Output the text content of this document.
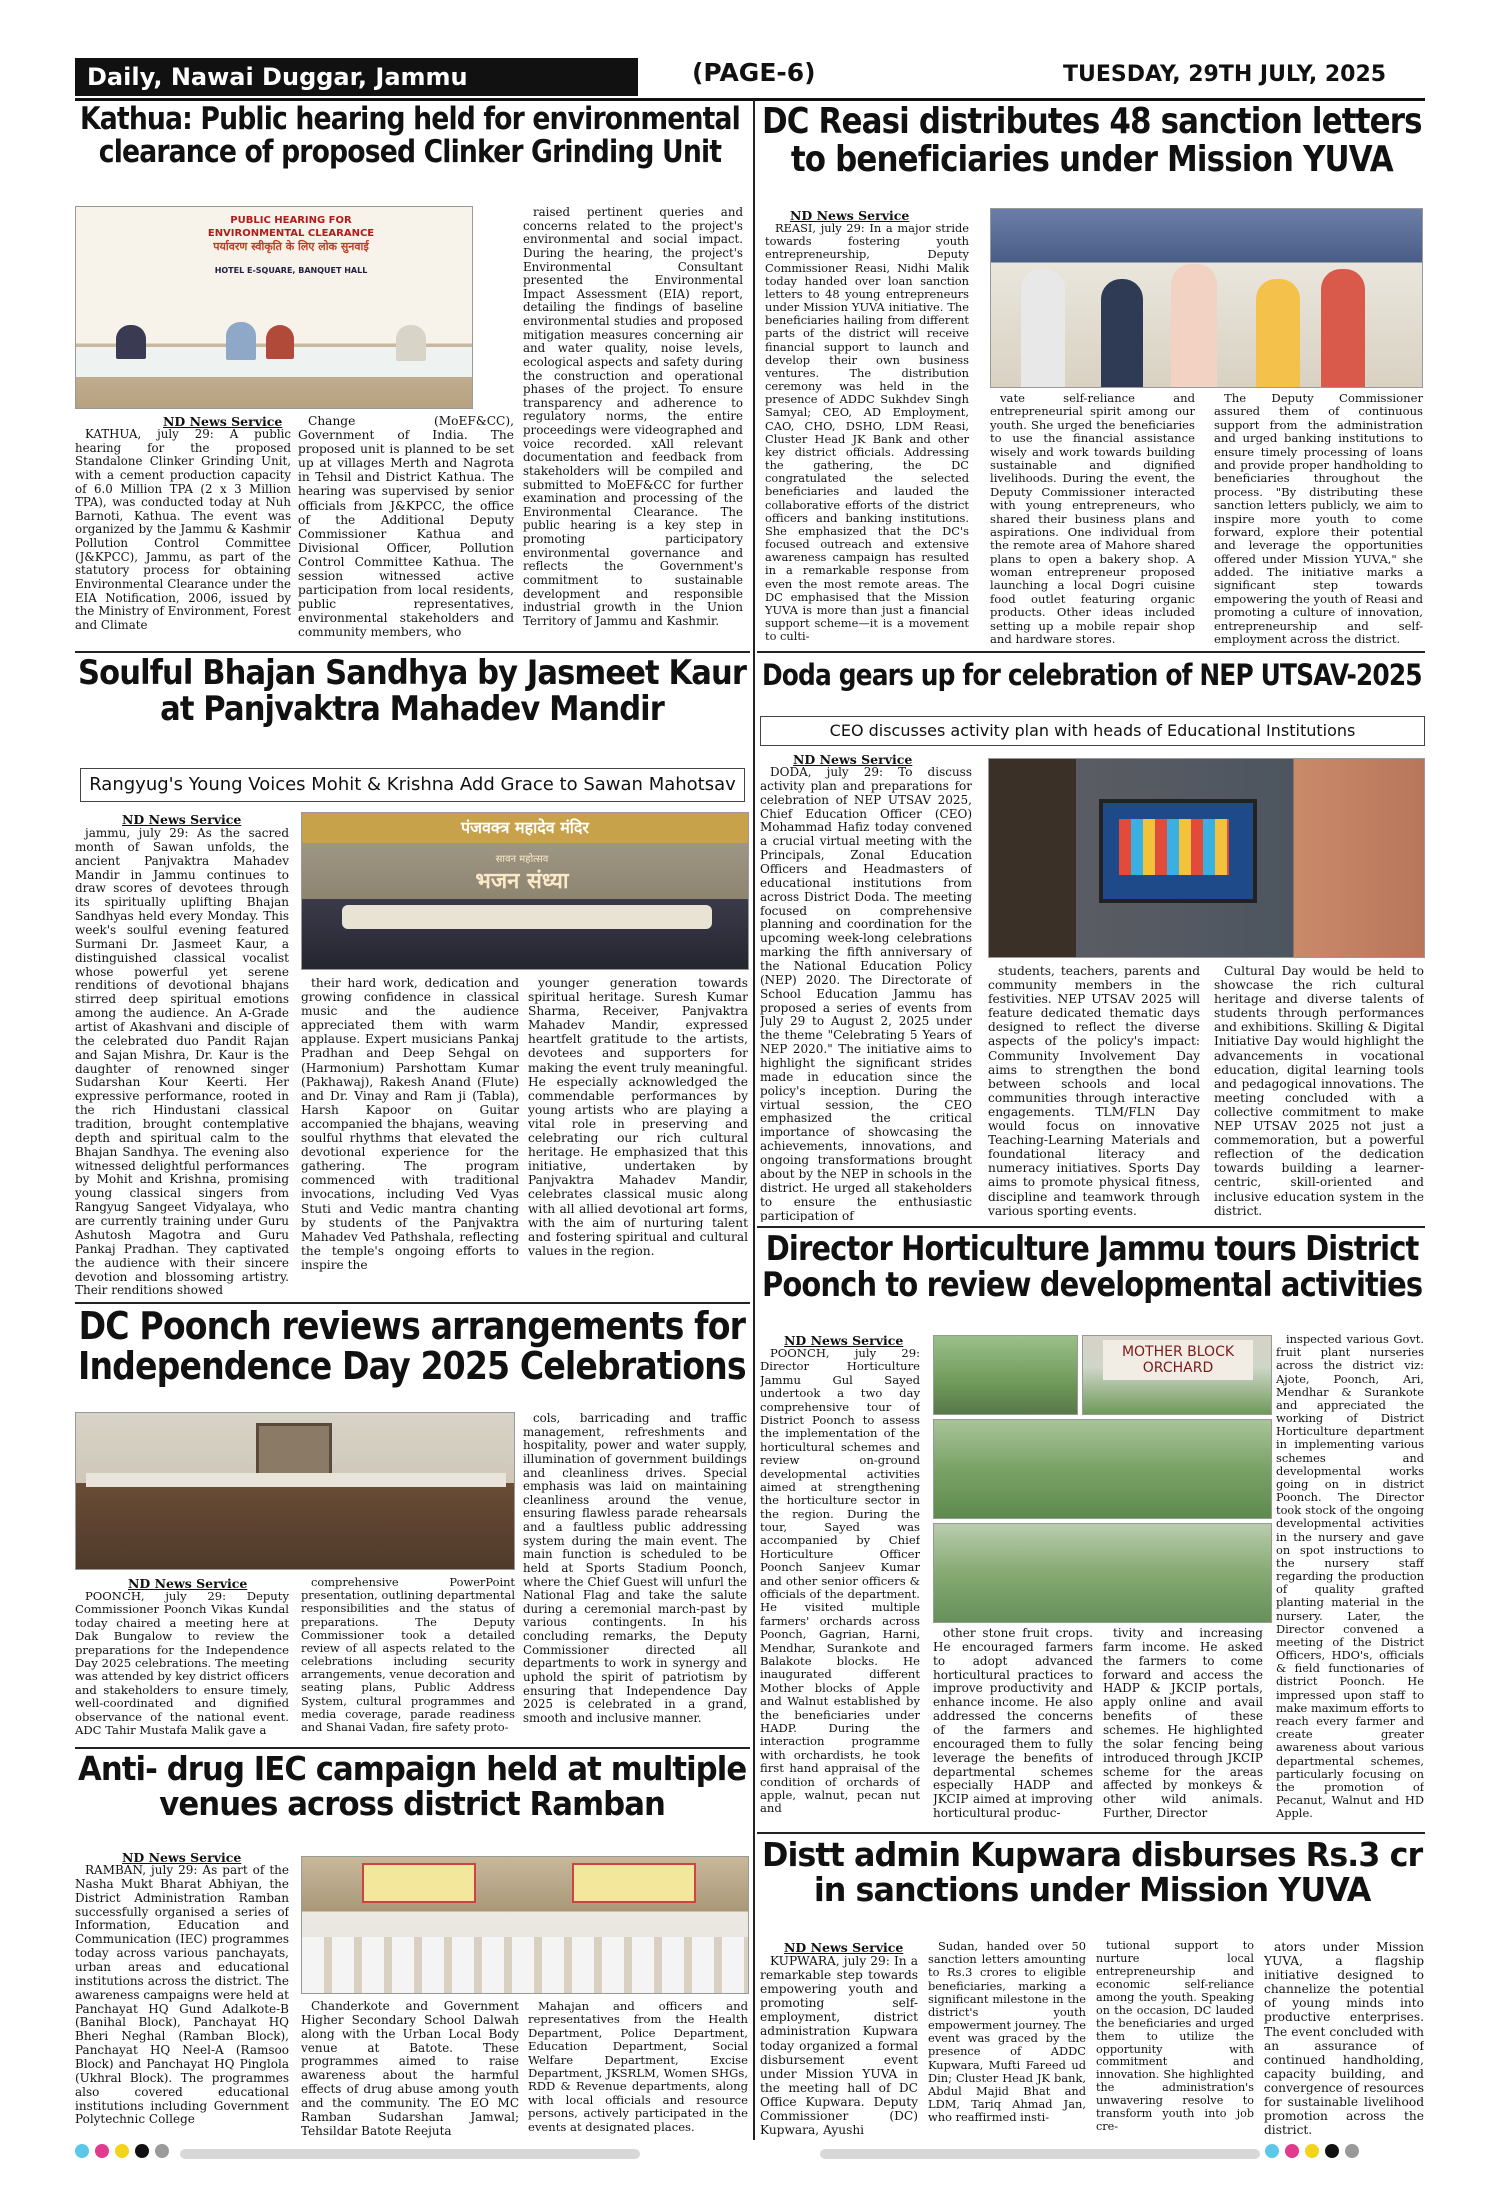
Daily, Nawai Duggar, Jammu	(PAGE-6)	TUESDAY, 29TH JULY, 2025
Kathua: Public hearing held for environmental
clearance of proposed Clinker Grinding Unit
PUBLIC HEARING FOR
ENVIRONMENTAL CLEARANCE
पर्यावरण स्वीकृति के लिए लोक सुनवाई
HOTEL E-SQUARE, BANQUET HALL

raised pertinent queries and concerns related to the project's environmental and social impact. During the hearing, the project's Environmental Consultant presented the Environmental Impact Assessment (EIA) report, detailing the findings of baseline environmental studies and proposed mitigation measures concerning air and water quality, noise levels, ecological aspects and safety during the construction and operational phases of the project. To ensure transparency and adherence to regulatory norms, the entire proceedings were videographed and voice recorded. xAll relevant documentation and feedback from stakeholders will be compiled and submitted to MoEF&CC for further examination and processing of the Environmental Clearance. The public hearing is a key step in promoting participatory environmental governance and reflects the Government's commitment to sustainable development and responsible industrial growth in the Union Territory of Jammu and Kashmir.

ND News Service

KATHUA, july 29: A public hearing for the proposed Standalone Clinker Grinding Unit, with a cement production capacity of 6.0 Million TPA (2 x 3 Million TPA), was conducted today at Nuh Barnoti, Kathua. The event was organized by the Jammu & Kashmir Pollution Control Committee (J&KPCC), Jammu, as part of the statutory process for obtaining Environmental Clearance under the EIA Notification, 2006, issued by the Ministry of Environment, Forest and Climate

Change (MoEF&CC), Government of India. The proposed unit is planned to be set up at villages Merth and Nagrota in Tehsil and District Kathua. The hearing was supervised by senior officials from J&KPCC, the office of the Additional Deputy Commissioner Kathua and Divisional Officer, Pollution Control Committee Kathua. The session witnessed active participation from local residents, public representatives, environmental stakeholders and community members, who

DC Reasi distributes 48 sanction letters
to beneficiaries under Mission YUVA
ND News Service

REASI, july 29: In a major stride towards fostering youth entrepreneurship, Deputy Commissioner Reasi, Nidhi Malik today handed over loan sanction letters to 48 young entrepreneurs under Mission YUVA initiative. The beneficiaries hailing from different parts of the district will receive financial support to launch and develop their own business ventures. The distribution ceremony was held in the presence of ADDC Sukhdev Singh Samyal; CEO, AD Employment, CAO, CHO, DSHO, LDM Reasi, Cluster Head JK Bank and other key district officials. Addressing the gathering, the DC congratulated the selected beneficiaries and lauded the collaborative efforts of the district officers and banking institutions. She emphasized that the DC's focused outreach and extensive awareness campaign has resulted in a remarkable response from even the most remote areas. The DC emphasised that the Mission YUVA is more than just a financial support scheme—it is a movement to culti-

vate self-reliance and entrepreneurial spirit among our youth. She urged the beneficiaries to use the financial assistance wisely and work towards building sustainable and dignified livelihoods. During the event, the Deputy Commissioner interacted with young entrepreneurs, who shared their business plans and aspirations. One individual from the remote area of Mahore shared plans to open a bakery shop. A woman entrepreneur proposed launching a local Dogri cuisine food outlet featuring organic products. Other ideas included setting up a mobile repair shop and hardware stores.

The Deputy Commissioner assured them of continuous support from the administration and urged banking institutions to ensure timely processing of loans and provide proper handholding to beneficiaries throughout the process. "By distributing these sanction letters publicly, we aim to inspire more youth to come forward, explore their potential and leverage the opportunities offered under Mission YUVA," she added. The initiative marks a significant step towards empowering the youth of Reasi and promoting a culture of innovation, entrepreneurship and self-employment across the district.

Soulful Bhajan Sandhya by Jasmeet Kaur
at Panjvaktra Mahadev Mandir
Rangyug's Young Voices Mohit & Krishna Add Grace to Sawan Mahotsav
ND News Service

jammu, july 29: As the sacred month of Sawan unfolds, the ancient Panjvaktra Mahadev Mandir in Jammu continues to draw scores of devotees through its spiritually uplifting Bhajan Sandhyas held every Monday. This week's soulful evening featured Surmani Dr. Jasmeet Kaur, a distinguished classical vocalist whose powerful yet serene renditions of devotional bhajans stirred deep spiritual emotions among the audience. An A-Grade artist of Akashvani and disciple of the celebrated duo Pandit Rajan and Sajan Mishra, Dr. Kaur is the daughter of renowned singer Sudarshan Kour Keerti. Her expressive performance, rooted in the rich Hindustani classical tradition, brought contemplative depth and spiritual calm to the Bhajan Sandhya. The evening also witnessed delightful performances by Mohit and Krishna, promising young classical singers from Rangyug Sangeet Vidyalaya, who are currently training under Guru Ashutosh Magotra and Guru Pankaj Pradhan. They captivated the audience with their sincere devotion and blossoming artistry. Their renditions showed

पंजवक्त्र महादेव मंदिर
सावन महोत्सव
भजन संध्या

their hard work, dedication and growing confidence in classical music and the audience appreciated them with warm applause. Expert musicians Pankaj Pradhan and Deep Sehgal on (Harmonium) Parshottam Kumar (Pakhawaj), Rakesh Anand (Flute) and Dr. Vinay and Ram ji (Tabla), Harsh Kapoor on Guitar accompanied the bhajans, weaving soulful rhythms that elevated the devotional experience for the gathering. The program commenced with traditional invocations, including Ved Vyas Stuti and Vedic mantra chanting by students of the Panjvaktra Mahadev Ved Pathshala, reflecting the temple's ongoing efforts to inspire the

younger generation towards spiritual heritage. Suresh Kumar Sharma, Receiver, Panjvaktra Mahadev Mandir, expressed heartfelt gratitude to the artists, devotees and supporters for making the event truly meaningful. He especially acknowledged the commendable performances by young artists who are playing a vital role in preserving and celebrating our rich cultural heritage. He emphasized that this initiative, undertaken by Panjvaktra Mahadev Mandir, celebrates classical music along with all allied devotional art forms, with the aim of nurturing talent and fostering spiritual and cultural values in the region.

Doda gears up for celebration of NEP UTSAV-2025
CEO discusses activity plan with heads of Educational Institutions
ND News Service

DODA, july 29: To discuss activity plan and preparations for celebration of NEP UTSAV 2025, Chief Education Officer (CEO) Mohammad Hafiz today convened a crucial virtual meeting with the Principals, Zonal Education Officers and Headmasters of educational institutions from across District Doda. The meeting focused on comprehensive planning and coordination for the upcoming week-long celebrations marking the fifth anniversary of the National Education Policy (NEP) 2020. The Directorate of School Education Jammu has proposed a series of events from July 29 to August 2, 2025 under the theme "Celebrating 5 Years of NEP 2020." The initiative aims to highlight the significant strides made in education since the policy's inception. During the virtual session, the CEO emphasized the critical importance of showcasing the achievements, innovations, and ongoing transformations brought about by the NEP in schools in the district. He urged all stakeholders to ensure the enthusiastic participation of

students, teachers, parents and community members in the festivities. NEP UTSAV 2025 will feature dedicated thematic days designed to reflect the diverse aspects of the policy's impact: Community Involvement Day aims to strengthen the bond between schools and local communities through interactive engagements. TLM/FLN Day would focus on innovative Teaching-Learning Materials and foundational literacy and numeracy initiatives. Sports Day aims to promote physical fitness, discipline and teamwork through various sporting events.

Cultural Day would be held to showcase the rich cultural heritage and diverse talents of students through performances and exhibitions. Skilling & Digital Initiative Day would highlight the advancements in vocational education, digital learning tools and pedagogical innovations. The meeting concluded with a collective commitment to make NEP UTSAV 2025 not just a commemoration, but a powerful reflection of the dedication towards building a learner-centric, skill-oriented and inclusive education system in the district.

DC Poonch reviews arrangements for
Independence Day 2025 Celebrations

cols, barricading and traffic management, refreshments and hospitality, power and water supply, illumination of government buildings and cleanliness drives. Special emphasis was laid on maintaining cleanliness around the venue, ensuring flawless parade rehearsals and a faultless public addressing system during the main event. The main function is scheduled to be held at Sports Stadium Poonch, where the Chief Guest will unfurl the National Flag and take the salute during a ceremonial march-past by various contingents. In his concluding remarks, the Deputy Commissioner directed all departments to work in synergy and uphold the spirit of patriotism by ensuring that Independence Day 2025 is celebrated in a grand, smooth and inclusive manner.

ND News Service

POONCH, july 29: Deputy Commissioner Poonch Vikas Kundal today chaired a meeting here at Dak Bungalow to review the preparations for the Independence Day 2025 celebrations. The meeting was attended by key district officers and stakeholders to ensure timely, well-coordinated and dignified observance of the national event. ADC Tahir Mustafa Malik gave a

comprehensive PowerPoint presentation, outlining departmental responsibilities and the status of preparations. The Deputy Commissioner took a detailed review of all aspects related to the celebrations including security arrangements, venue decoration and seating plans, Public Address System, cultural programmes and media coverage, parade readiness and Shanai Vadan, fire safety proto-

Director Horticulture Jammu tours District
Poonch to review developmental activities
ND News Service

POONCH, july 29: Director Horticulture Jammu Gul Sayed undertook a two day comprehensive tour of District Poonch to assess the implementation of the horticultural schemes and review on-ground developmental activities aimed at strengthening the horticulture sector in the region. During the tour, Sayed was accompanied by Chief Horticulture Officer Poonch Sanjeev Kumar and other senior officers & officials of the department. He visited multiple farmers' orchards across Poonch, Gagrian, Harni, Mendhar, Surankote and Balakote blocks. He inaugurated different Mother blocks of Apple and Walnut established by the beneficiaries under HADP. During the interaction programme with orchardists, he took first hand appraisal of the condition of orchards of apple, walnut, pecan nut and

MOTHER BLOCK ORCHARD

other stone fruit crops. He encouraged farmers to adopt advanced horticultural practices to improve productivity and enhance income. He also addressed the concerns of the farmers and encouraged them to fully leverage the benefits of departmental schemes especially HADP and JKCIP aimed at improving horticultural produc-

tivity and increasing farm income. He asked the farmers to come forward and access the HADP & JKCIP portals, apply online and avail benefits of these schemes. He highlighted the solar fencing being introduced through JKCIP scheme for the areas affected by monkeys & other wild animals. Further, Director

inspected various Govt. fruit plant nurseries across the district viz: Ajote, Poonch, Ari, Mendhar & Surankote and appreciated the working of District Horticulture department in implementing various schemes and developmental works going on in district Poonch. The Director took stock of the ongoing developmental activities in the nursery and gave on spot instructions to the nursery staff regarding the production of quality grafted planting material in the nursery. Later, the Director convened a meeting of the District Officers, HDO's, officials & field functionaries of district Poonch. He impressed upon staff to make maximum efforts to reach every farmer and create greater awareness about various departmental schemes, particularly focusing on the promotion of Pecanut, Walnut and HD Apple.

Anti- drug IEC campaign held at multiple
venues across district Ramban
ND News Service

RAMBAN, july 29: As part of the Nasha Mukt Bharat Abhiyan, the District Administration Ramban successfully organised a series of Information, Education and Communication (IEC) programmes today across various panchayats, urban areas and educational institutions across the district. The awareness campaigns were held at Panchayat HQ Gund Adalkote-B (Banihal Block), Panchayat HQ Bheri Neghal (Ramban Block), Panchayat HQ Neel-A (Ramsoo Block) and Panchayat HQ Pinglola (Ukhral Block). The programmes also covered educational institutions including Government Polytechnic College

Chanderkote and Government Higher Secondary School Dalwah along with the Urban Local Body venue at Batote. These programmes aimed to raise awareness about the harmful effects of drug abuse among youth and the community. The EO MC Ramban Sudarshan Jamwal; Tehsildar Batote Reejuta

Mahajan and officers and representatives from the Health Department, Police Department, Education Department, Social Welfare Department, Excise Department, JKSRLM, Women SHGs, RDD & Revenue departments, along with local officials and resource persons, actively participated in the events at designated places.

Distt admin Kupwara disburses Rs.3 cr
in sanctions under Mission YUVA
ND News Service

KUPWARA, july 29: In a remarkable step towards empowering youth and promoting self-employment, district administration Kupwara today organized a formal disbursement event under Mission YUVA in the meeting hall of DC Office Kupwara. Deputy Commissioner (DC) Kupwara, Ayushi

Sudan, handed over 50 sanction letters amounting to Rs.3 crores to eligible beneficiaries, marking a significant milestone in the district's youth empowerment journey. The event was graced by the presence of ADDC Kupwara, Mufti Fareed ud Din; Cluster Head JK bank, Abdul Majid Bhat and LDM, Tariq Ahmad Jan, who reaffirmed insti-

tutional support to nurture local entrepreneurship and economic self-reliance among the youth. Speaking on the occasion, DC lauded the beneficiaries and urged them to utilize the opportunity with commitment and innovation. She highlighted the administration's unwavering resolve to transform youth into job cre-

ators under Mission YUVA, a flagship initiative designed to channelize the potential of young minds into productive enterprises. The event concluded with an assurance of continued handholding, capacity building, and convergence of resources for sustainable livelihood promotion across the district.
